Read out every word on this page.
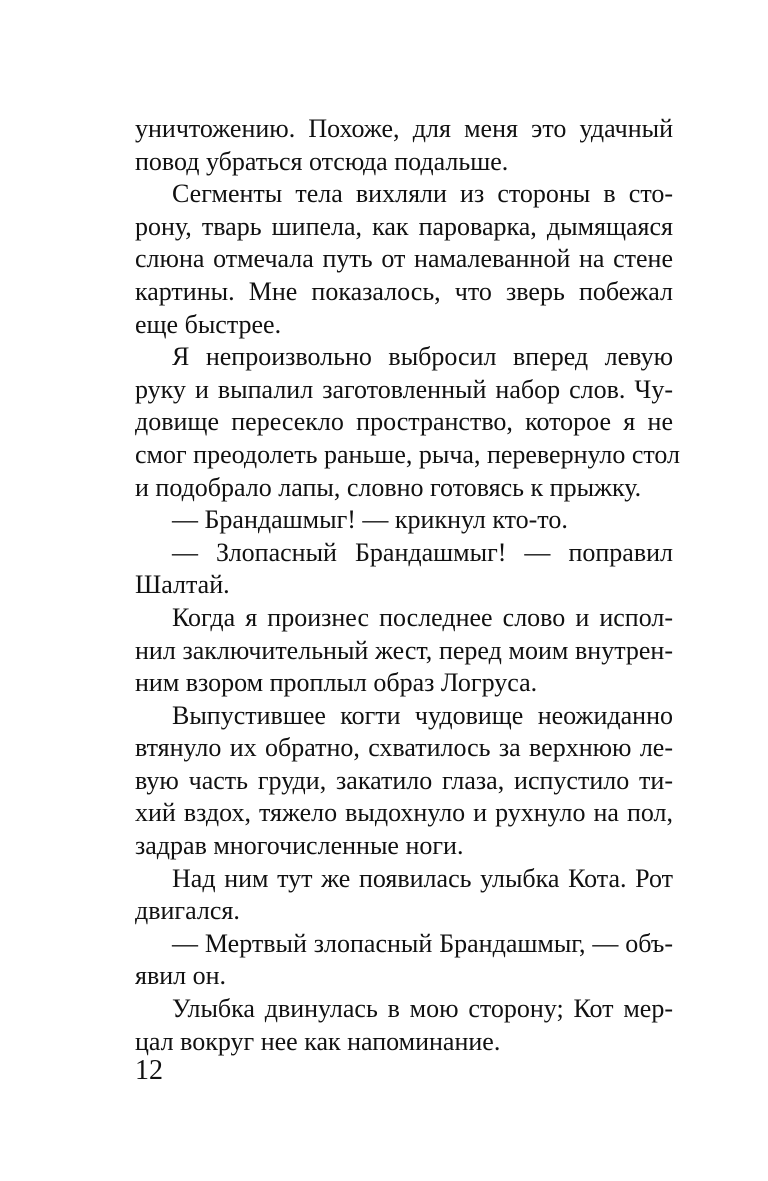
уничтожению. Похоже, для меня это удачный
повод убраться отсюда подальше.
Сегменты тела вихляли из стороны в сто-
рону, тварь шипела, как пароварка, дымящаяся
слюна отмечала путь от намалеванной на стене
картины. Мне показалось, что зверь побежал
еще быстрее.
Я непроизвольно выбросил вперед левую
руку и выпалил заготовленный набор слов. Чу-
довище пересекло пространство, которое я не
смог преодолеть раньше, рыча, перевернуло стол
и подобрало лапы, словно готовясь к прыжку.
— Брандашмыг! — крикнул кто-то.
— Злопасный Брандашмыг! — поправил
Шалтай.
Когда я произнес последнее слово и испол-
нил заключительный жест, перед моим внутрен-
ним взором проплыл образ Логруса.
Выпустившее когти чудовище неожиданно
втянуло их обратно, схватилось за верхнюю ле-
вую часть груди, закатило глаза, испустило ти-
хий вздох, тяжело выдохнуло и рухнуло на пол,
задрав многочисленные ноги.
Над ним тут же появилась улыбка Кота. Рот
двигался.
— Мертвый злопасный Брандашмыг, — объ-
явил он.
Улыбка двинулась в мою сторону; Кот мер-
цал вокруг нее как напоминание.
12
